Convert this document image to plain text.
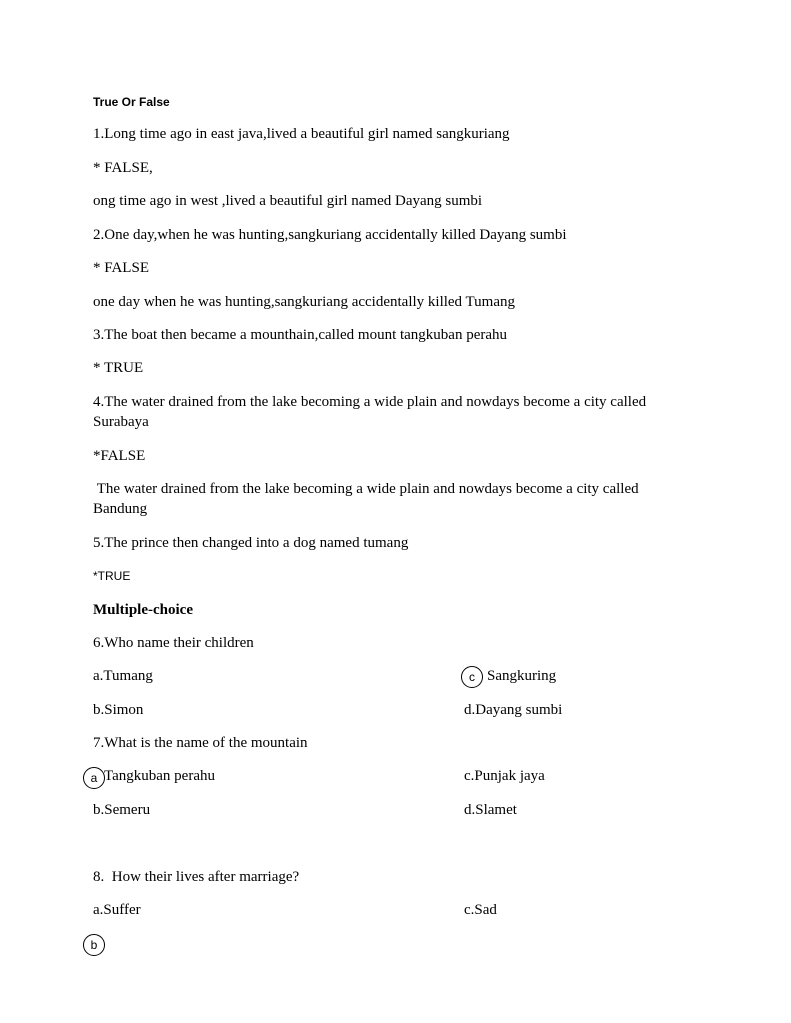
True Or False
1.Long time ago in east java,lived a beautiful girl named sangkuriang
* FALSE,
ong time ago in west ,lived a beautiful girl named Dayang sumbi
2.One day,when he was hunting,sangkuriang accidentally killed Dayang sumbi
* FALSE
one day when he was hunting,sangkuriang accidentally killed Tumang
3.The boat then became a mounthain,called mount tangkuban perahu
* TRUE
4.The water drained from the lake becoming a wide plain and nowdays become a city called Surabaya
*FALSE
The water drained from the lake becoming a wide plain and nowdays become a city called Bandung
5.The prince then changed into a dog named tumang
*TRUE
Multiple-choice
6.Who name their children
a.Tumang	c Sangkuring
b.Simon	d.Dayang sumbi
7.What is the name of the mountain
a Tangkuban perahu	c.Punjak jaya
b.Semeru	d.Slamet
8.  How their lives after marriage?
a.Suffer	c.Sad
b
